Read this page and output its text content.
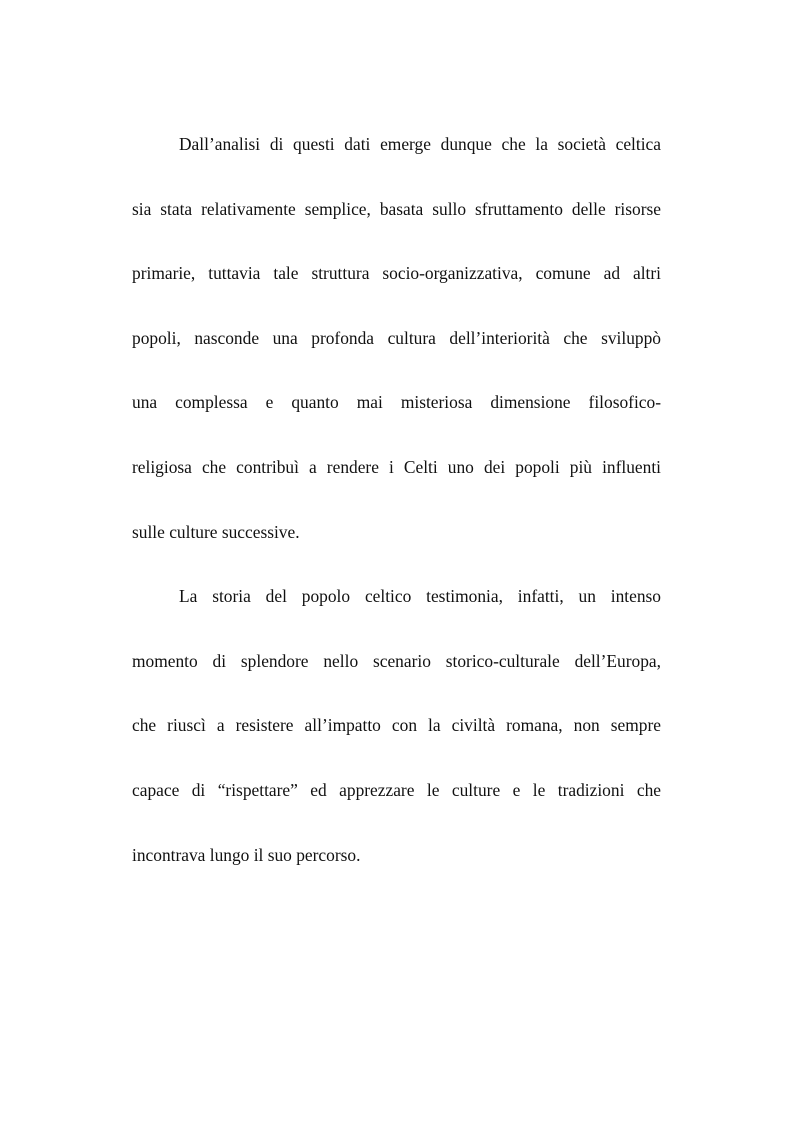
Dall’analisi di questi dati emerge dunque che la società celtica
sia stata relativamente semplice, basata sullo sfruttamento delle risorse
primarie, tuttavia tale struttura socio-organizzativa, comune ad altri
popoli, nasconde una profonda cultura dell’interiorità che sviluppò
una complessa e quanto mai misteriosa dimensione filosofico-
religiosa che contribuì a rendere i Celti uno dei popoli più influenti
sulle culture successive.
La storia del popolo celtico testimonia, infatti, un intenso
momento di splendore nello scenario storico-culturale dell’Europa,
che riuscì a resistere all’impatto con la civiltà romana, non sempre
capace di “rispettare” ed apprezzare le culture e le tradizioni che
incontrava lungo il suo percorso.
